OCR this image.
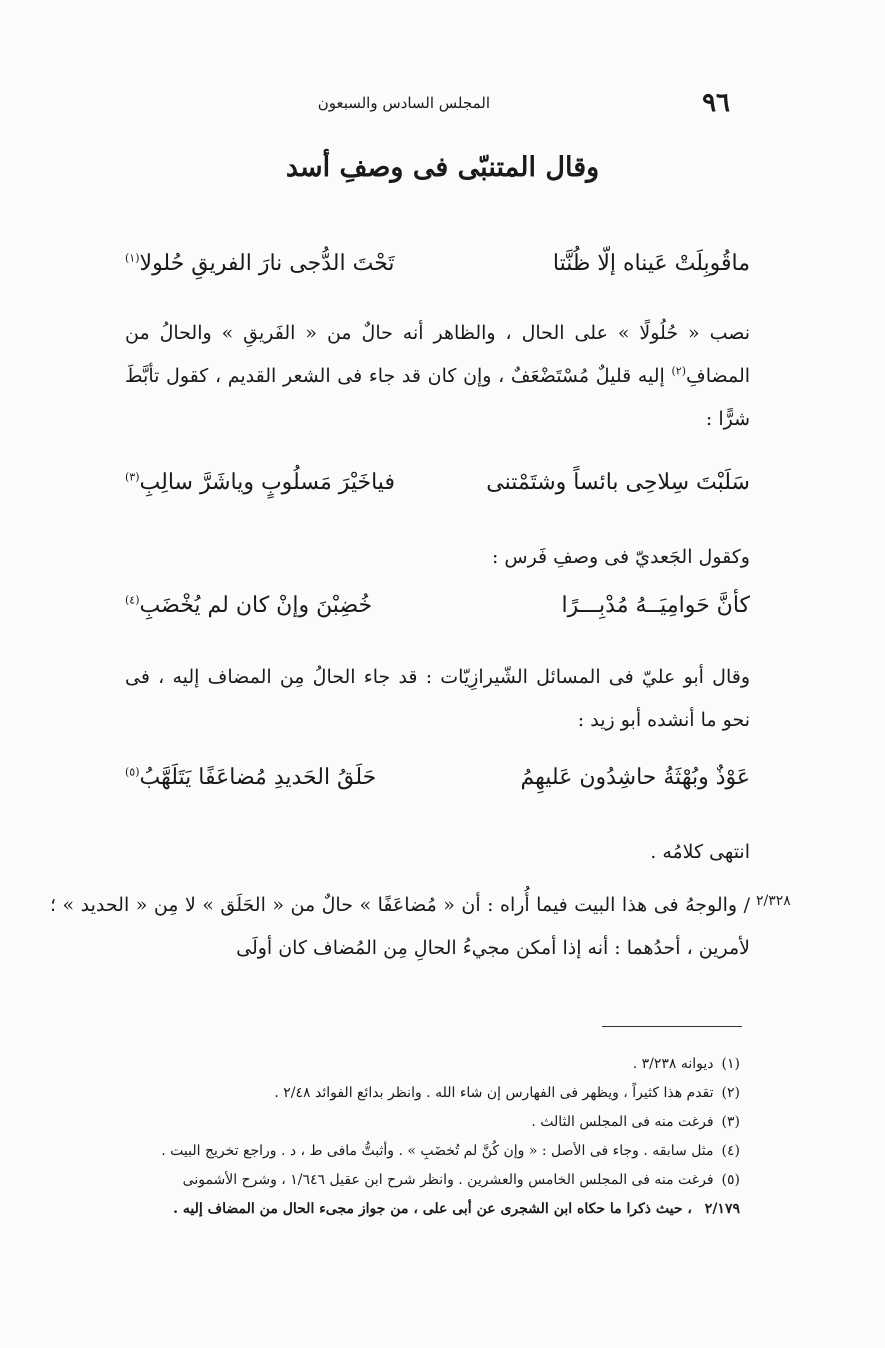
٩٦
المجلس السادس والسبعون
وقال المتنبّى فى وصفِ أسد
ماقُوبِلَتْ عَيناه إلّا ظُنَّتا
تَحْتَ الدُّجى نارَ الفريقِ حُلولا$^{(١)}$
نصب « حُلُولًا » على الحال ، والظاهر أنه حالٌ من « الفَريقِ » والحالُ من المضافِ$^{(٢)}$ إليه قليلٌ مُسْتَضْعَفٌ ، وإن كان قد جاء فى الشعر القديم ، كقول تأبَّطَ شرًّا :
سَلَبْتَ سِلاحِى بائساً وشتَمْتنى
فياخَيْرَ مَسلُوبٍ وياشَرَّ سالِبِ$^{(٣)}$
وكقول الجَعديّ فى وصفِ فَرس :
كأنَّ حَوامِيَــهُ مُدْبِـــرًا
خُضِبْنَ وإنْ كان لم يُخْضَبِ$^{(٤)}$
وقال أبو عليّ فى المسائل الشّيرازِيّات : قد جاء الحالُ مِن المضاف إليه ، فى نحو ما أنشده أبو زيد :
عَوْذٌ وبُهْثَةُ حاشِدُون عَليهِمُ
حَلَقُ الحَديدِ مُضاعَفًا يَتَلَهَّبُ$^{(٥)}$
انتهى كلامُه .
٢/٣٢٨
/ والوجهُ فى هذا البيت فيما أُراه : أن « مُضاعَفًا » حالٌ من « الحَلَق » لا مِن « الحديد » ؛ لأمرين ، أحدُهما : أنه إذا أمكن مجيءُ الحالِ مِن المُضاف كان أولَى
(١)ديوانه ٣/٢٣٨ .
(٢)تقدم هذا كثيراً ، ويظهر فى الفهارس إن شاء الله . وانظر بدائع الفوائد ٢/٤٨ .
(٣)فرغت منه فى المجلس الثالث .
(٤)مثل سابقه . وجاء فى الأصل : « وإن كُنَّ لم تُخضَبِ » . وأثبتُّ مافى ط ، د . وراجع تخريج البيت .
(٥)فرغت منه فى المجلس الخامس والعشرين . وانظر شرح ابن عقيل ١/٦٤٦ ، وشرح الأشمونى
٢/١٧٩ ، حيث ذكرا ما حكاه ابن الشجرى عن أبى على ، من جواز مجىء الحال من المضاف إليه .
